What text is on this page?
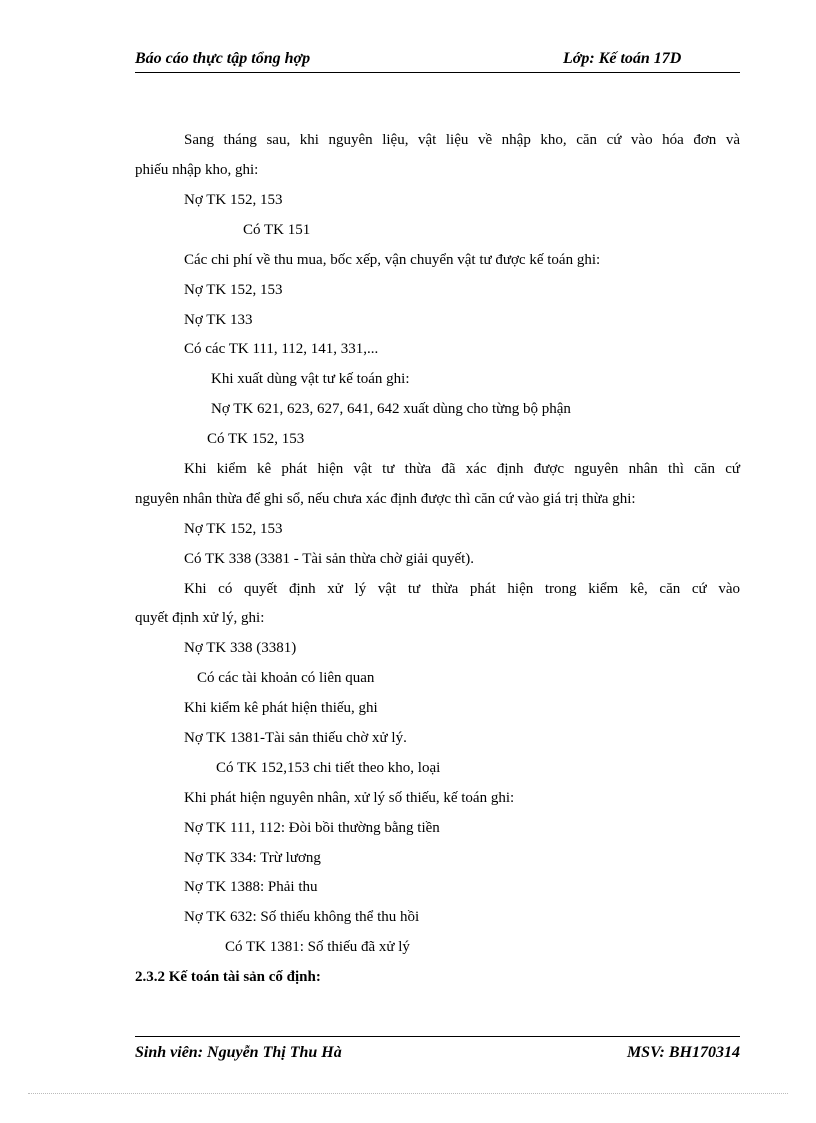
Báo cáo thực tập tổng hợp	Lớp: Kế toán 17D
Sang tháng sau, khi nguyên liệu, vật liệu về nhập kho, căn cứ vào hóa đơn và
phiếu nhập kho, ghi:
Nợ TK 152, 153
Có TK 151
Các chi phí về thu mua, bốc xếp, vận chuyển vật tư được kế toán ghi:
Nợ TK 152, 153
Nợ TK 133
Có các TK 111, 112, 141, 331,...
Khi xuất dùng vật tư kế toán ghi:
Nợ TK 621, 623, 627, 641, 642 xuất dùng cho từng bộ phận
Có TK 152, 153
Khi kiểm kê phát hiện vật tư thừa đã xác định được nguyên nhân thì căn cứ
nguyên nhân thừa để ghi sổ, nếu chưa xác định được thì căn cứ vào giá trị thừa ghi:
Nợ TK 152, 153
Có TK 338 (3381 - Tài sản thừa chờ giải quyết).
Khi có quyết định xử lý vật tư thừa phát hiện trong kiểm kê, căn cứ vào
quyết định xử lý, ghi:
Nợ TK 338 (3381)
Có các tài khoản có liên quan
Khi kiểm kê phát hiện thiếu, ghi
Nợ TK 1381-Tài sản thiếu chờ xử lý.
Có TK 152,153 chi tiết theo kho, loại
Khi phát hiện nguyên nhân, xử lý số thiếu, kế toán ghi:
Nợ TK 111, 112: Đòi bồi thường bằng tiền
Nợ TK 334: Trừ lương
Nợ TK 1388: Phải thu
Nợ TK 632: Số thiếu không thể thu hồi
Có TK 1381: Số thiếu đã xử lý
2.3.2 Kế toán tài sản cố định:
Sinh viên: Nguyễn Thị Thu Hà	MSV: BH170314
